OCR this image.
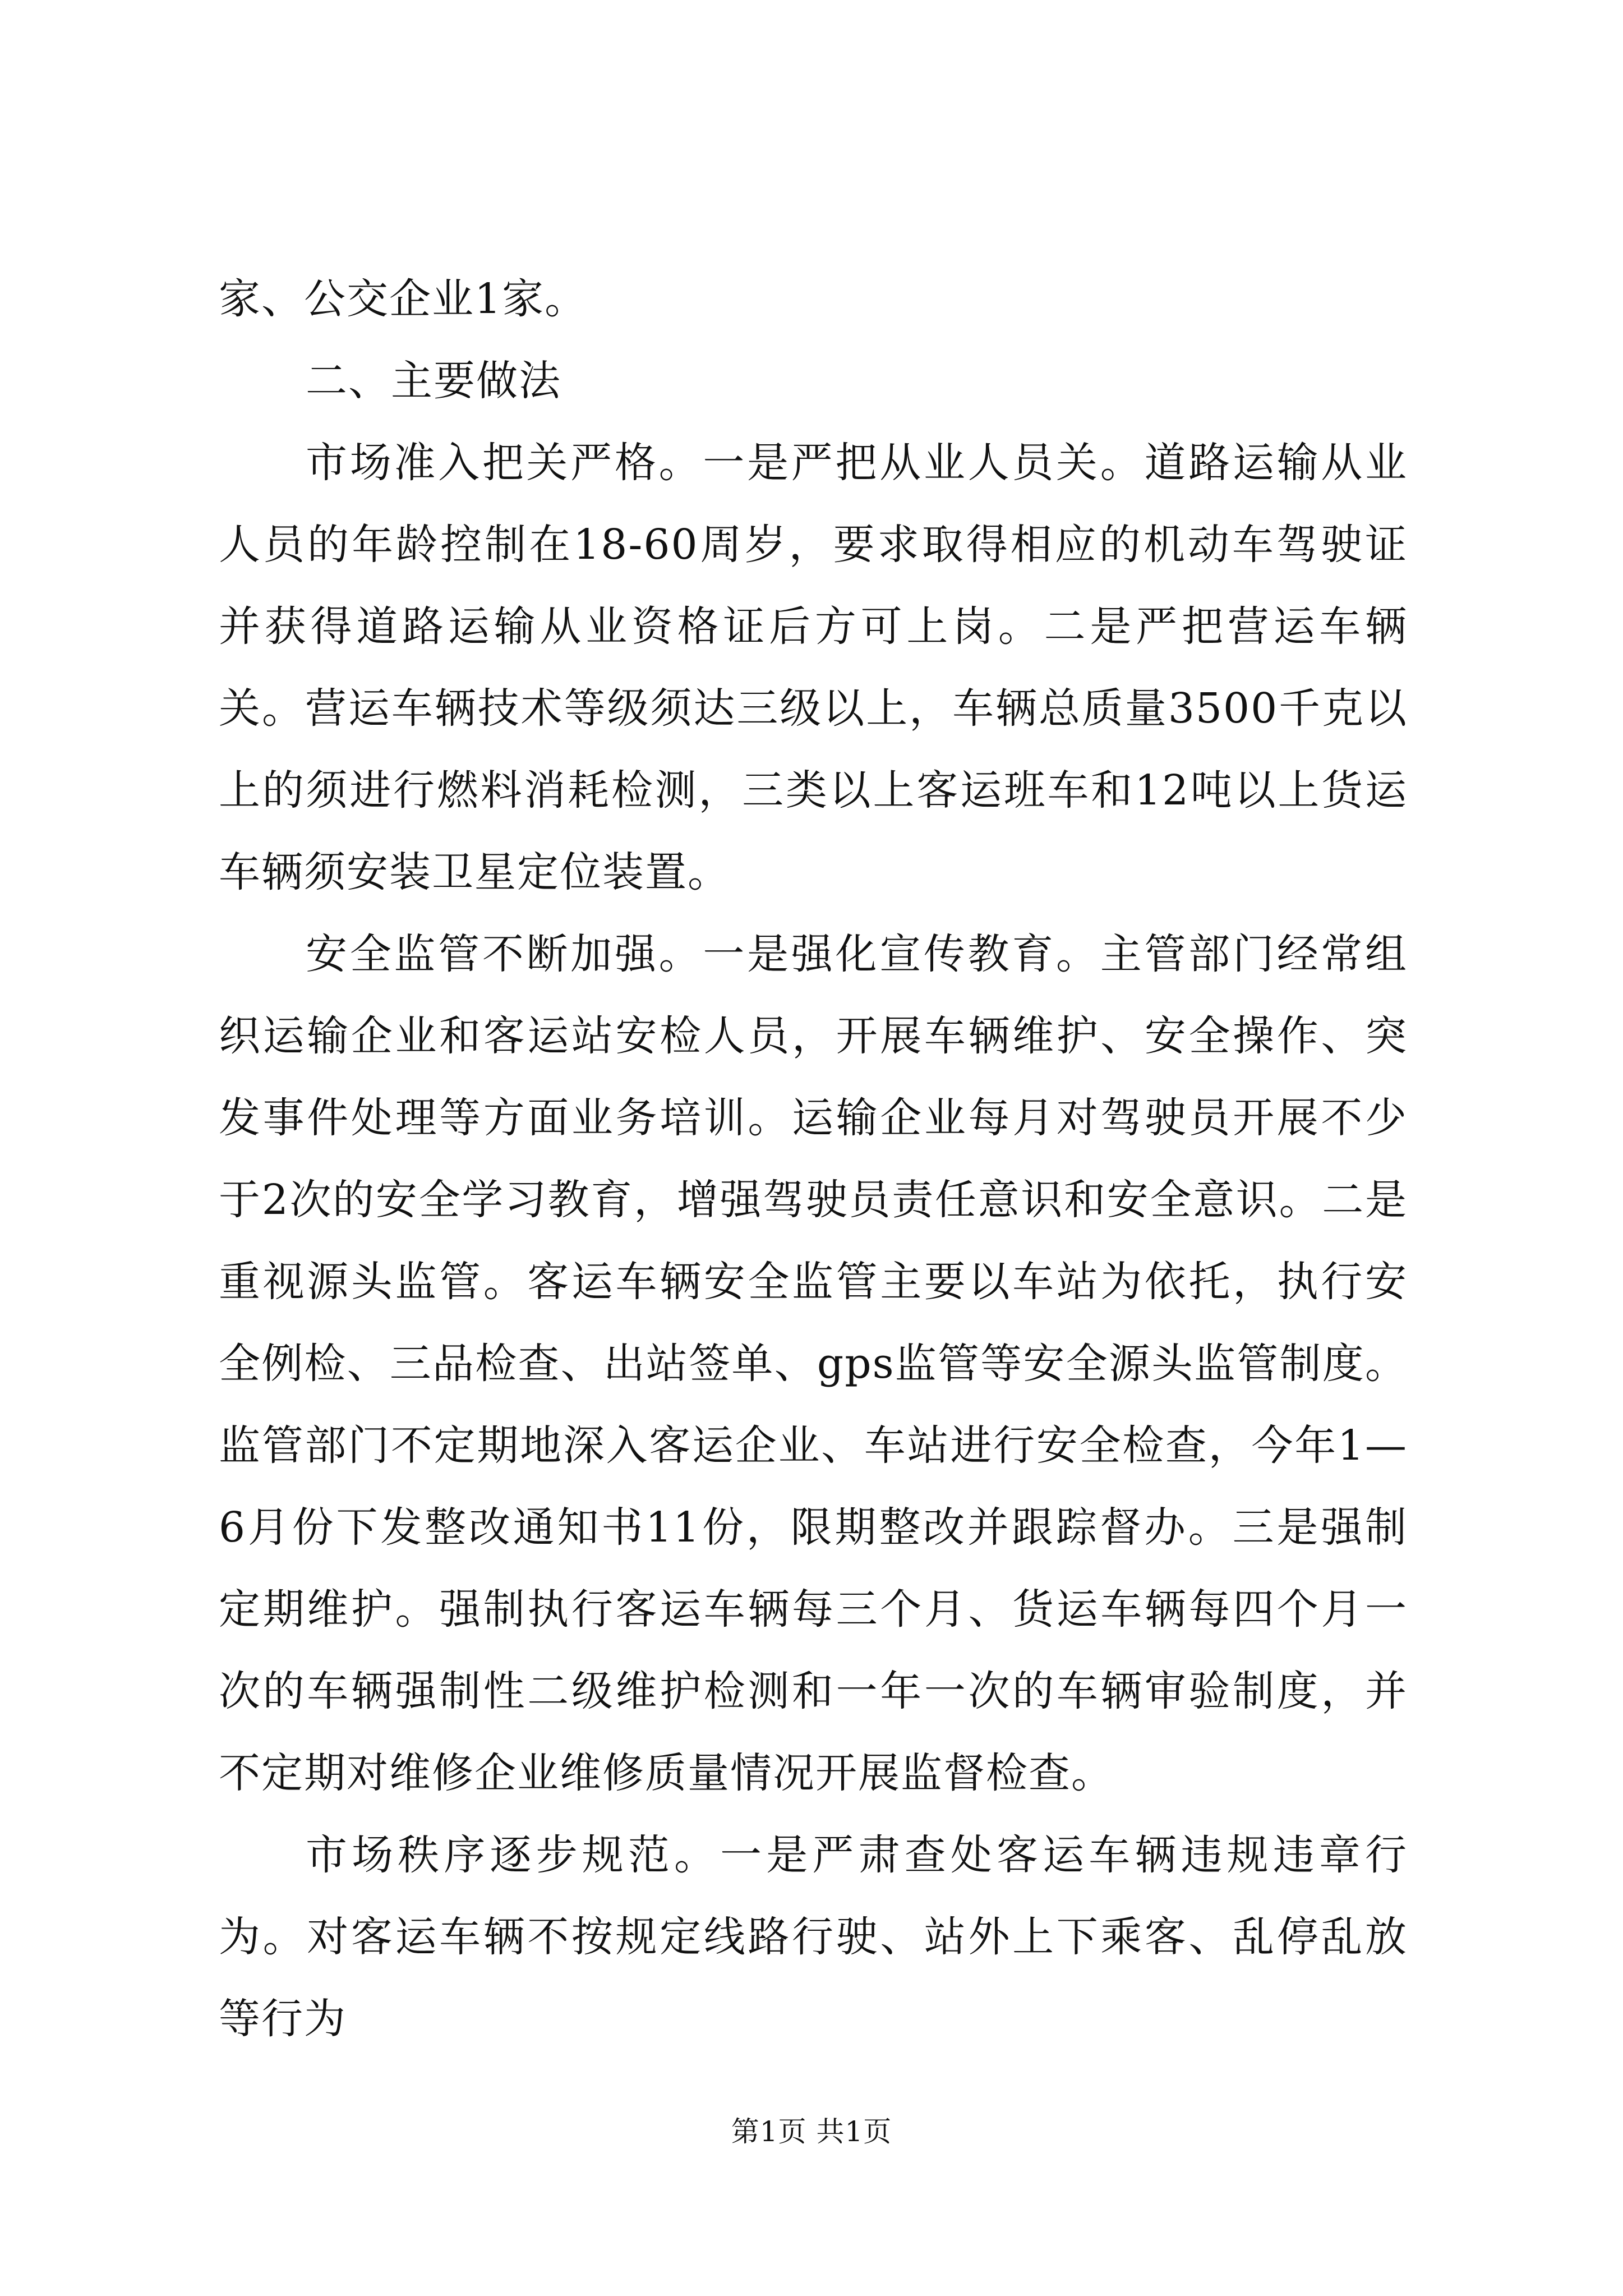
家、公交企业1家。

二、主要做法

市场准入把关严格。一是严把从业人员关。道路运输从业人员的年龄控制在18-60周岁，要求取得相应的机动车驾驶证并获得道路运输从业资格证后方可上岗。二是严把营运车辆关。营运车辆技术等级须达三级以上，车辆总质量3500千克以上的须进行燃料消耗检测，三类以上客运班车和12吨以上货运车辆须安装卫星定位装置。

安全监管不断加强。一是强化宣传教育。主管部门经常组织运输企业和客运站安检人员，开展车辆维护、安全操作、突发事件处理等方面业务培训。运输企业每月对驾驶员开展不少于2次的安全学习教育，增强驾驶员责任意识和安全意识。二是重视源头监管。客运车辆安全监管主要以车站为依托，执行安全例检、三品检查、出站签单、gps监管等安全源头监管制度。监管部门不定期地深入客运企业、车站进行安全检查，今年1—6月份下发整改通知书11份，限期整改并跟踪督办。三是强制定期维护。强制执行客运车辆每三个月、货运车辆每四个月一次的车辆强制性二级维护检测和一年一次的车辆审验制度，并不定期对维修企业维修质量情况开展监督检查。

市场秩序逐步规范。一是严肃查处客运车辆违规违章行为。对客运车辆不按规定线路行驶、站外上下乘客、乱停乱放等行为

第1页 共1页
